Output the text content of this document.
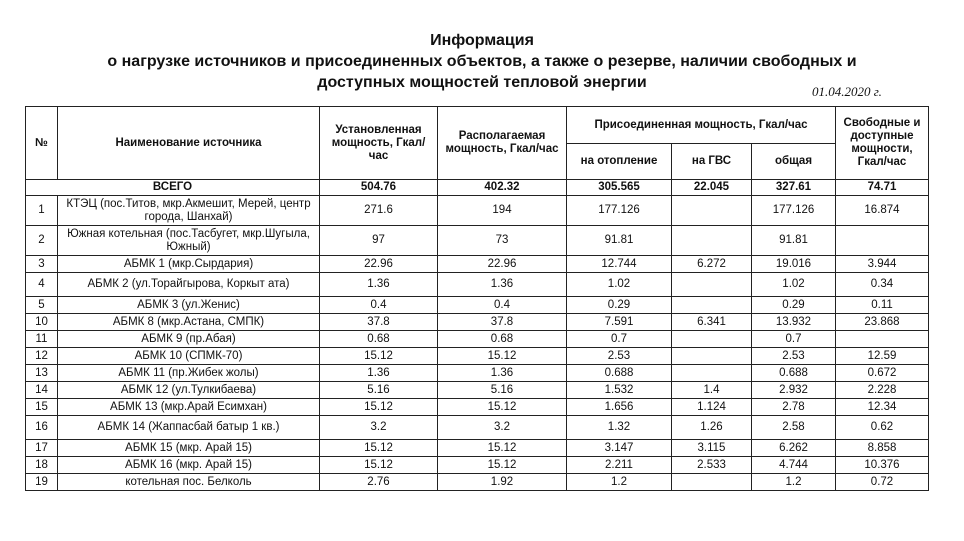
Информация
о нагрузке источников и присоединенных объектов, а также о резерве, наличии свободных и
доступных мощностей тепловой энергии
01.04.2020 г.
№	Наименование источника	Установленная мощность, Гкал/час	Располагаемая мощность, Гкал/час	Присоединенная мощность, Гкал/час			Свободные и доступные мощности, Гкал/час
				на отопление	на ГВС	общая	
ВСЕГО		504.76	402.32	305.565	22.045	327.61	74.71
1	КТЭЦ (пос.Титов, мкр.Акмешит, Мерей, центр города, Шанхай)	271.6	194	177.126		177.126	16.874
2	Южная котельная (пос.Тасбугет, мкр.Шугыла, Южный)	97	73	91.81		91.81	
3	АБМК 1 (мкр.Сырдария)	22.96	22.96	12.744	6.272	19.016	3.944
4	АБМК 2 (ул.Торайгырова, Коркыт ата)	1.36	1.36	1.02		1.02	0.34
5	АБМК 3 (ул.Женис)	0.4	0.4	0.29		0.29	0.11
10	АБМК 8 (мкр.Астана, СМПК)	37.8	37.8	7.591	6.341	13.932	23.868
11	АБМК 9 (пр.Абая)	0.68	0.68	0.7		0.7	
12	АБМК 10 (СПМК-70)	15.12	15.12	2.53		2.53	12.59
13	АБМК 11 (пр.Жибек жолы)	1.36	1.36	0.688		0.688	0.672
14	АБМК 12 (ул.Тулкибаева)	5.16	5.16	1.532	1.4	2.932	2.228
15	АБМК 13 (мкр.Арай Есимхан)	15.12	15.12	1.656	1.124	2.78	12.34
16	АБМК 14 (Жаппасбай батыр 1 кв.)	3.2	3.2	1.32	1.26	2.58	0.62
17	АБМК 15 (мкр. Арай 15)	15.12	15.12	3.147	3.115	6.262	8.858
18	АБМК 16 (мкр. Арай 15)	15.12	15.12	2.211	2.533	4.744	10.376
19	котельная пос. Белколь	2.76	1.92	1.2		1.2	0.72
